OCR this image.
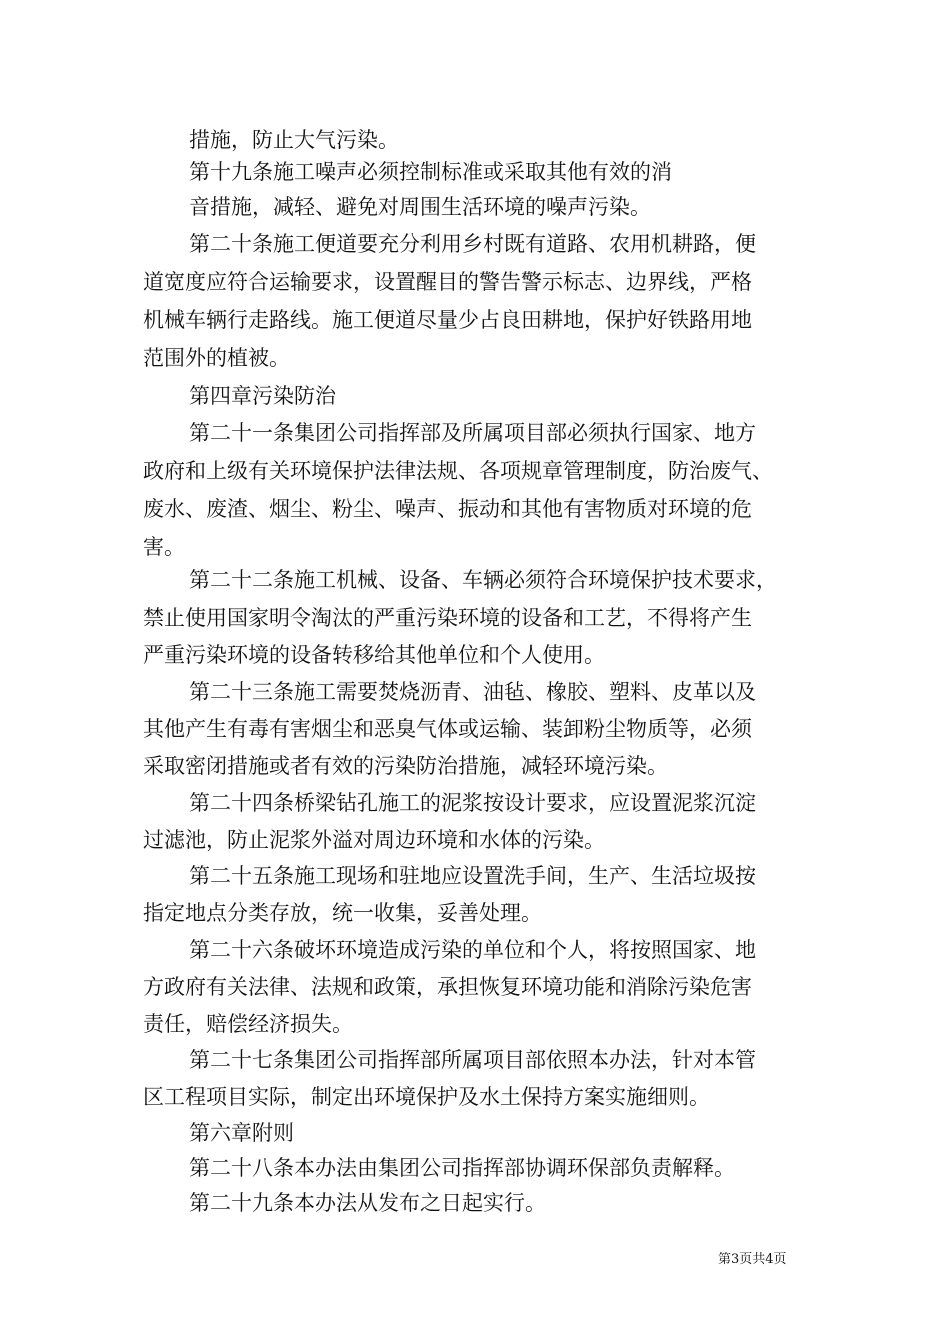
措施，防止大气污染。
第十九条施工噪声必须控制标准或采取其他有效的消
音措施，减轻、避免对周围生活环境的噪声污染。
第二十条施工便道要充分利用乡村既有道路、农用机耕路，便
道宽度应符合运输要求，设置醒目的警告警示标志、边界线，严格
机械车辆行走路线。施工便道尽量少占良田耕地，保护好铁路用地
范围外的植被。
第四章污染防治
第二十一条集团公司指挥部及所属项目部必须执行国家、地方
政府和上级有关环境保护法律法规、各项规章管理制度，防治废气、
废水、废渣、烟尘、粉尘、噪声、振动和其他有害物质对环境的危
害。
第二十二条施工机械、设备、车辆必须符合环境保护技术要求，
禁止使用国家明令淘汰的严重污染环境的设备和工艺，不得将产生
严重污染环境的设备转移给其他单位和个人使用。
第二十三条施工需要焚烧沥青、油毡、橡胶、塑料、皮革以及
其他产生有毒有害烟尘和恶臭气体或运输、装卸粉尘物质等，必须
采取密闭措施或者有效的污染防治措施，减轻环境污染。
第二十四条桥梁钻孔施工的泥浆按设计要求，应设置泥浆沉淀
过滤池，防止泥浆外溢对周边环境和水体的污染。
第二十五条施工现场和驻地应设置洗手间，生产、生活垃圾按
指定地点分类存放，统一收集，妥善处理。
第二十六条破坏环境造成污染的单位和个人，将按照国家、地
方政府有关法律、法规和政策，承担恢复环境功能和消除污染危害
责任，赔偿经济损失。
第二十七条集团公司指挥部所属项目部依照本办法，针对本管
区工程项目实际，制定出环境保护及水土保持方案实施细则。
第六章附则
第二十八条本办法由集团公司指挥部协调环保部负责解释。
第二十九条本办法从发布之日起实行。
第3页共4页
